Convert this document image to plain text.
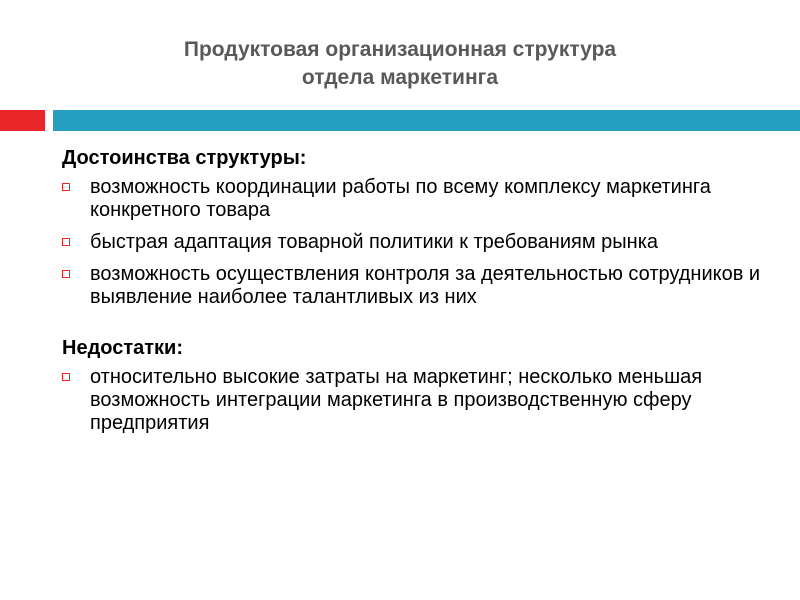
Продуктовая организационная структура
отдела маркетинга
Достоинства структуры:
возможность координации работы по всему комплексу маркетинга конкретного товара
быстрая адаптация товарной политики к требованиям рынка
возможность осуществления контроля за деятельностью сотрудников и выявление наиболее талантливых из них
Недостатки:
относительно высокие затраты на маркетинг; несколько меньшая возможность интеграции маркетинга в производственную сферу предприятия
